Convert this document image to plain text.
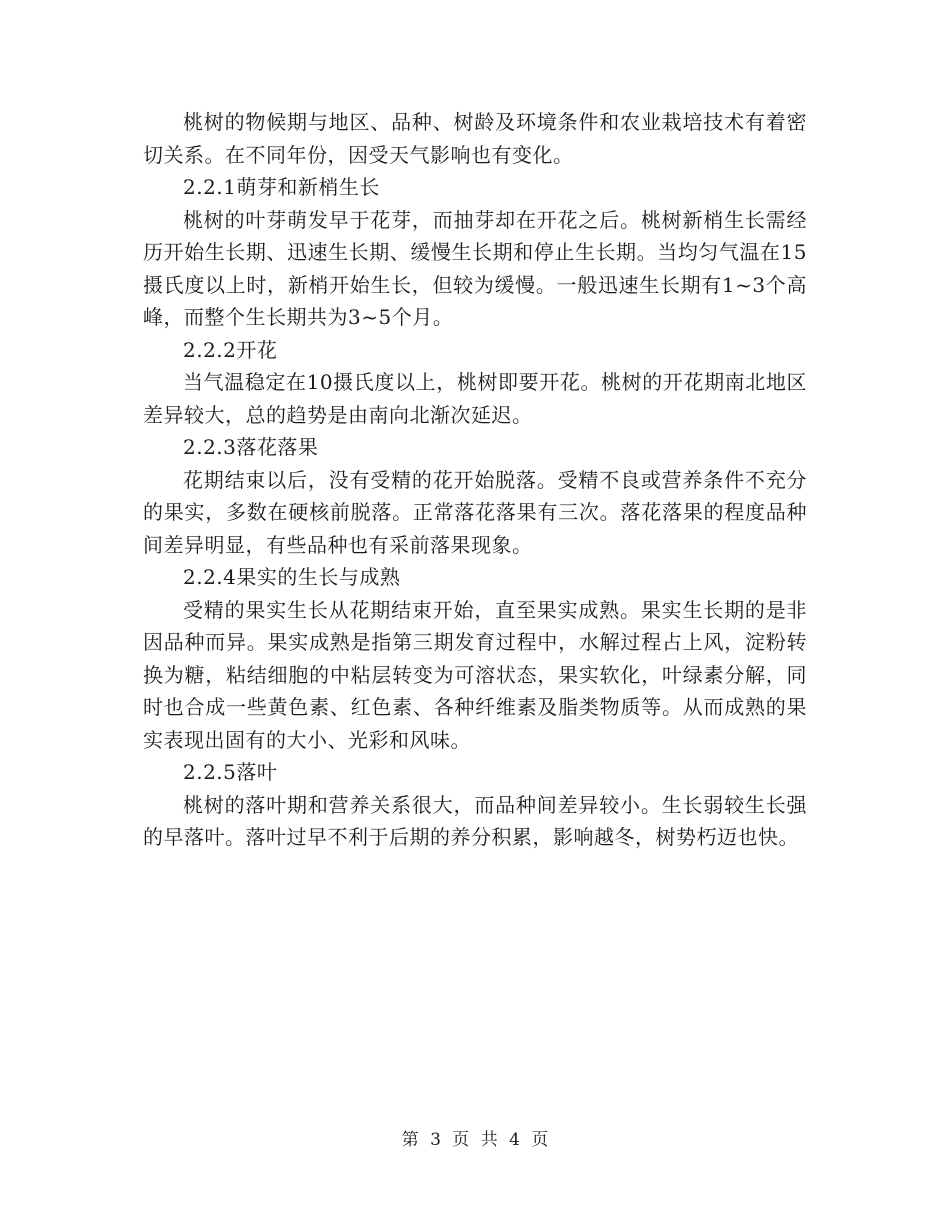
桃树的物候期与地区、品种、树龄及环境条件和农业栽培技术有着密切关系。在不同年份，因受天气影响也有变化。

2.2.1萌芽和新梢生长

桃树的叶芽萌发早于花芽，而抽芽却在开花之后。桃树新梢生长需经历开始生长期、迅速生长期、缓慢生长期和停止生长期。当均匀气温在15摄氏度以上时，新梢开始生长，但较为缓慢。一般迅速生长期有1~3个高峰，而整个生长期共为3~5个月。

2.2.2开花

当气温稳定在10摄氏度以上，桃树即要开花。桃树的开花期南北地区差异较大，总的趋势是由南向北渐次延迟。

2.2.3落花落果

花期结束以后，没有受精的花开始脱落。受精不良或营养条件不充分的果实，多数在硬核前脱落。正常落花落果有三次。落花落果的程度品种间差异明显，有些品种也有采前落果现象。

2.2.4果实的生长与成熟

受精的果实生长从花期结束开始，直至果实成熟。果实生长期的是非因品种而异。果实成熟是指第三期发育过程中，水解过程占上风，淀粉转换为糖，粘结细胞的中粘层转变为可溶状态，果实软化，叶绿素分解，同时也合成一些黄色素、红色素、各种纤维素及脂类物质等。从而成熟的果实表现出固有的大小、光彩和风味。

2.2.5落叶

桃树的落叶期和营养关系很大，而品种间差异较小。生长弱较生长强的早落叶。落叶过早不利于后期的养分积累，影响越冬，树势朽迈也快。

第 3 页 共 4 页
